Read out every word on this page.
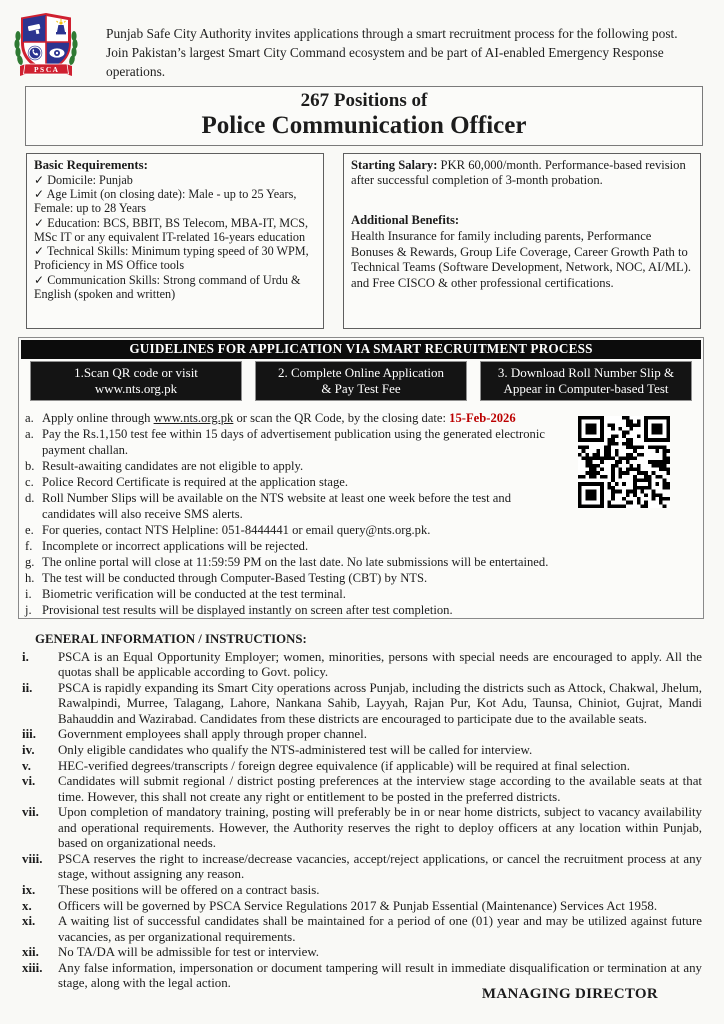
P S C A
Punjab Safe City Authority invites applications through a smart recruitment process for the following post. Join Pakistan’s largest Smart City Command ecosystem and be part of AI-enabled Emergency Response operations.
267 Positions of
Police Communication Officer
Basic Requirements:
✓ Domicile: Punjab
✓ Age Limit (on closing date): Male - up to 25 Years, Female: up to 28 Years
✓ Education: BCS, BBIT, BS Telecom, MBA-IT, MCS, MSc IT or any equivalent IT-related 16-years education
✓ Technical Skills: Minimum typing speed of 30 WPM, Proficiency in MS Office tools
✓ Communication Skills: Strong command of Urdu & English (spoken and written)
Starting Salary: PKR 60,000/month. Performance-based revision after successful completion of 3-month probation.
Additional Benefits:
Health Insurance for family including parents, Performance Bonuses & Rewards, Group Life Coverage, Career Growth Path to Technical Teams (Software Development, Network, NOC, AI/ML). and Free CISCO & other professional certifications.
GUIDELINES FOR APPLICATION VIA SMART RECRUITMENT PROCESS
1.Scan QR code or visit
www.nts.org.pk
2. Complete Online Application
& Pay Test Fee
3. Download Roll Number Slip &
Appear in Computer-based Test
a. Apply online through www.nts.org.pk or scan the QR Code, by the closing date: 15-Feb-2026
a. Pay the Rs.1,150 test fee within 15 days of advertisement publication using the generated electronic payment challan.
b. Result-awaiting candidates are not eligible to apply.
c. Police Record Certificate is required at the application stage.
d. Roll Number Slips will be available on the NTS website at least one week before the test and candidates will also receive SMS alerts.
e. For queries, contact NTS Helpline: 051-8444441 or email query@nts.org.pk.
f. Incomplete or incorrect applications will be rejected.
g. The online portal will close at 11:59:59 PM on the last date. No late submissions will be entertained.
h. The test will be conducted through Computer-Based Testing (CBT) by NTS.
i. Biometric verification will be conducted at the test terminal.
j. Provisional test results will be displayed instantly on screen after test completion.
GENERAL INFORMATION / INSTRUCTIONS:
i. PSCA is an Equal Opportunity Employer; women, minorities, persons with special needs are encouraged to apply. All the quotas shall be applicable according to Govt. policy.
ii. PSCA is rapidly expanding its Smart City operations across Punjab, including the districts such as Attock, Chakwal, Jhelum, Rawalpindi, Murree, Talagang, Lahore, Nankana Sahib, Layyah, Rajan Pur, Kot Adu, Taunsa, Chiniot, Gujrat, Mandi Bahauddin and Wazirabad. Candidates from these districts are encouraged to participate due to the available seats.
iii. Government employees shall apply through proper channel.
iv. Only eligible candidates who qualify the NTS-administered test will be called for interview.
v. HEC-verified degrees/transcripts / foreign degree equivalence (if applicable) will be required at final selection.
vi. Candidates will submit regional / district posting preferences at the interview stage according to the available seats at that time. However, this shall not create any right or entitlement to be posted in the preferred districts.
vii. Upon completion of mandatory training, posting will preferably be in or near home districts, subject to vacancy availability and operational requirements. However, the Authority reserves the right to deploy officers at any location within Punjab, based on organizational needs.
viii. PSCA reserves the right to increase/decrease vacancies, accept/reject applications, or cancel the recruitment process at any stage, without assigning any reason.
ix. These positions will be offered on a contract basis.
x. Officers will be governed by PSCA Service Regulations 2017 & Punjab Essential (Maintenance) Services Act 1958.
xi. A waiting list of successful candidates shall be maintained for a period of one (01) year and may be utilized against future vacancies, as per organizational requirements.
xii. No TA/DA will be admissible for test or interview.
xiii. Any false information, impersonation or document tampering will result in immediate disqualification or termination at any stage, along with the legal action.
MANAGING DIRECTOR
